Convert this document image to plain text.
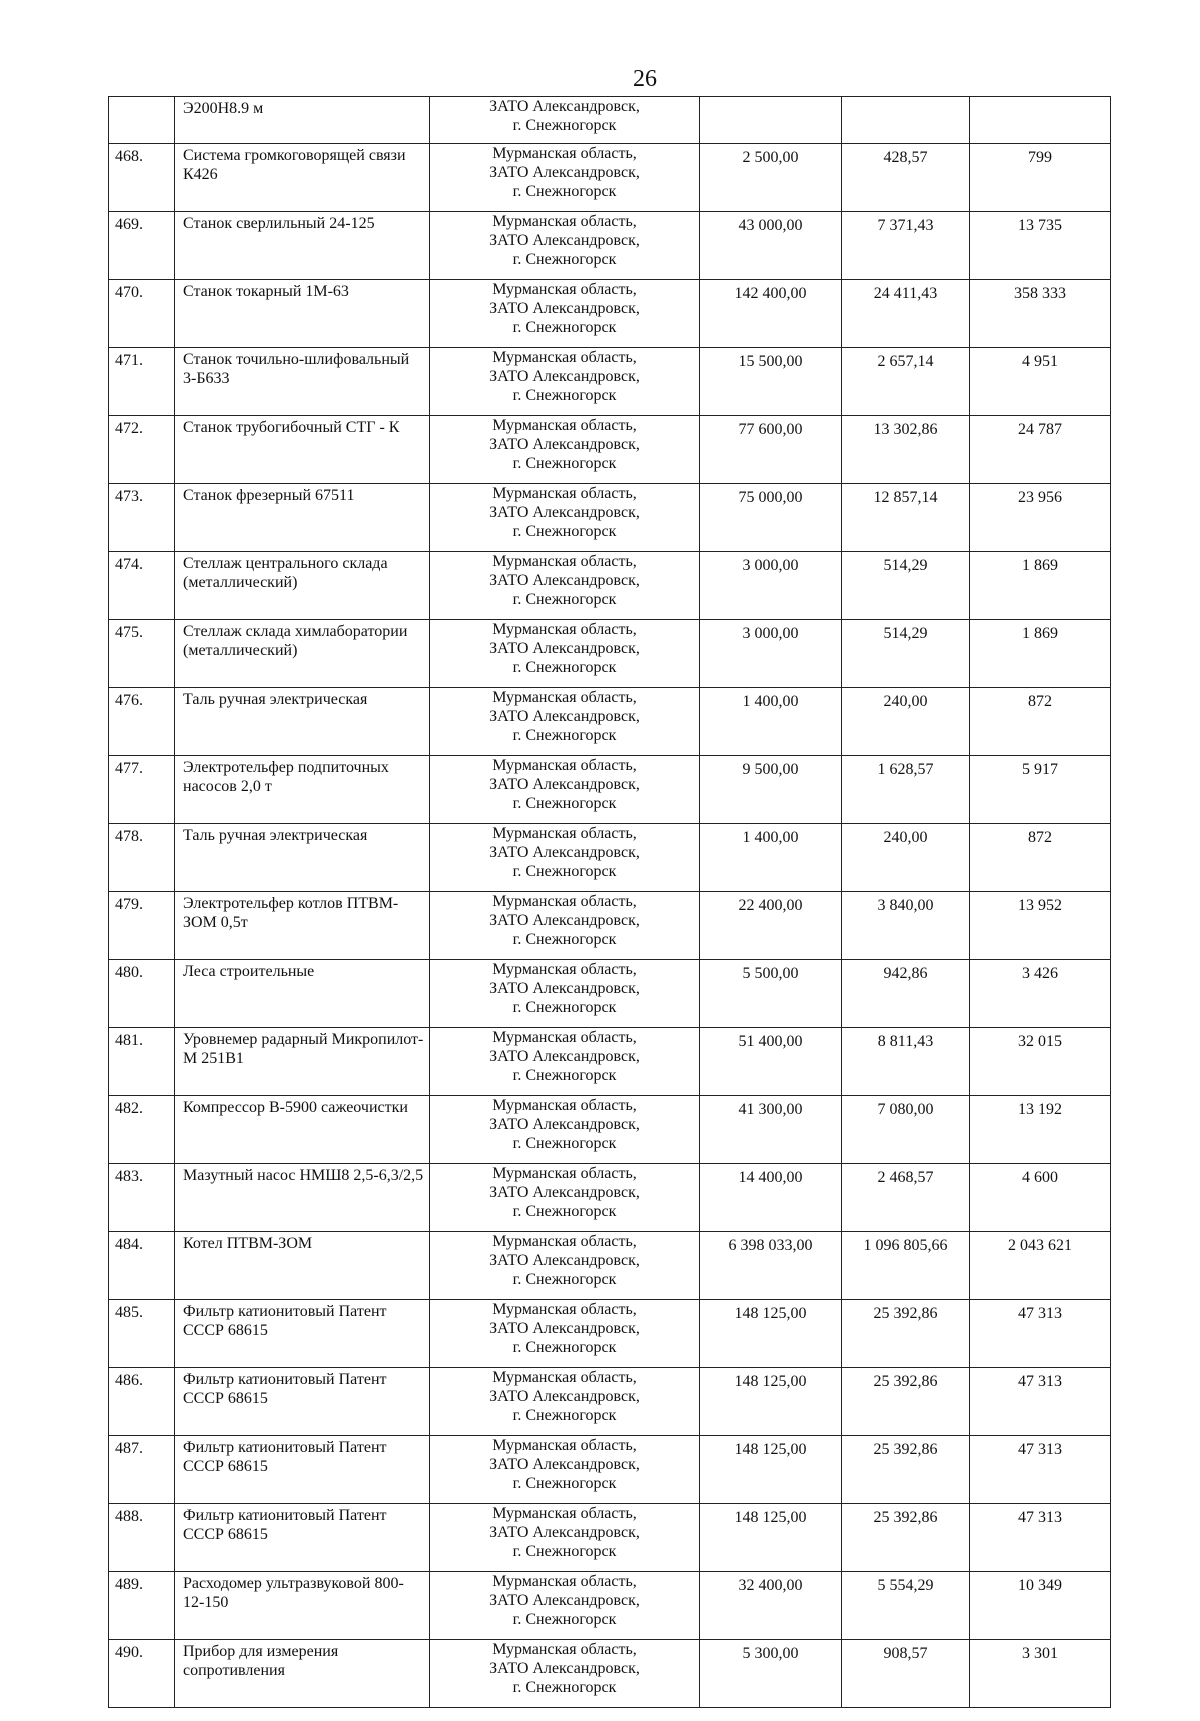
26
	Э200Н8.9 м	ЗАТО Александровск,
г. Снежногорск			

468.	Система громкоговорящей связи К426	Мурманская область,
ЗАТО Александровск,
г. Снежногорск	2 500,00	428,57	799
469.	Станок сверлильный 24-125	Мурманская область,
ЗАТО Александровск,
г. Снежногорск	43 000,00	7 371,43	13 735
470.	Станок токарный 1М-63	Мурманская область,
ЗАТО Александровск,
г. Снежногорск	142 400,00	24 411,43	358 333
471.	Станок точильно-шлифовальный 3-Б633	Мурманская область,
ЗАТО Александровск,
г. Снежногорск	15 500,00	2 657,14	4 951
472.	Станок трубогибочный СТГ - К	Мурманская область,
ЗАТО Александровск,
г. Снежногорск	77 600,00	13 302,86	24 787
473.	Станок фрезерный 67511	Мурманская область,
ЗАТО Александровск,
г. Снежногорск	75 000,00	12 857,14	23 956
474.	Стеллаж центрального склада (металлический)	Мурманская область,
ЗАТО Александровск,
г. Снежногорск	3 000,00	514,29	1 869
475.	Стеллаж склада химлаборатории (металлический)	Мурманская область,
ЗАТО Александровск,
г. Снежногорск	3 000,00	514,29	1 869
476.	Таль ручная электрическая	Мурманская область,
ЗАТО Александровск,
г. Снежногорск	1 400,00	240,00	872
477.	Электротельфер подпиточных насосов 2,0 т	Мурманская область,
ЗАТО Александровск,
г. Снежногорск	9 500,00	1 628,57	5 917
478.	Таль ручная электрическая	Мурманская область,
ЗАТО Александровск,
г. Снежногорск	1 400,00	240,00	872
479.	Электротельфер котлов ПТВМ-ЗОМ 0,5т	Мурманская область,
ЗАТО Александровск,
г. Снежногорск	22 400,00	3 840,00	13 952
480.	Леса строительные	Мурманская область,
ЗАТО Александровск,
г. Снежногорск	5 500,00	942,86	3 426
481.	Уровнемер радарный Микропилот-М 251В1	Мурманская область,
ЗАТО Александровск,
г. Снежногорск	51 400,00	8 811,43	32 015
482.	Компрессор В-5900 сажеочистки	Мурманская область,
ЗАТО Александровск,
г. Снежногорск	41 300,00	7 080,00	13 192
483.	Мазутный насос НМШ8 2,5-6,3/2,5	Мурманская область,
ЗАТО Александровск,
г. Снежногорск	14 400,00	2 468,57	4 600
484.	Котел ПТВМ-ЗОМ	Мурманская область,
ЗАТО Александровск,
г. Снежногорск	6 398 033,00	1 096 805,66	2 043 621
485.	Фильтр катионитовый Патент СССР 68615	Мурманская область,
ЗАТО Александровск,
г. Снежногорск	148 125,00	25 392,86	47 313
486.	Фильтр катионитовый Патент СССР 68615	Мурманская область,
ЗАТО Александровск,
г. Снежногорск	148 125,00	25 392,86	47 313
487.	Фильтр катионитовый Патент СССР 68615	Мурманская область,
ЗАТО Александровск,
г. Снежногорск	148 125,00	25 392,86	47 313
488.	Фильтр катионитовый Патент СССР 68615	Мурманская область,
ЗАТО Александровск,
г. Снежногорск	148 125,00	25 392,86	47 313
489.	Расходомер ультразвуковой 800-12-150	Мурманская область,
ЗАТО Александровск,
г. Снежногорск	32 400,00	5 554,29	10 349
490.	Прибор для измерения сопротивления	Мурманская область,
ЗАТО Александровск,
г. Снежногорск	5 300,00	908,57	3 301
